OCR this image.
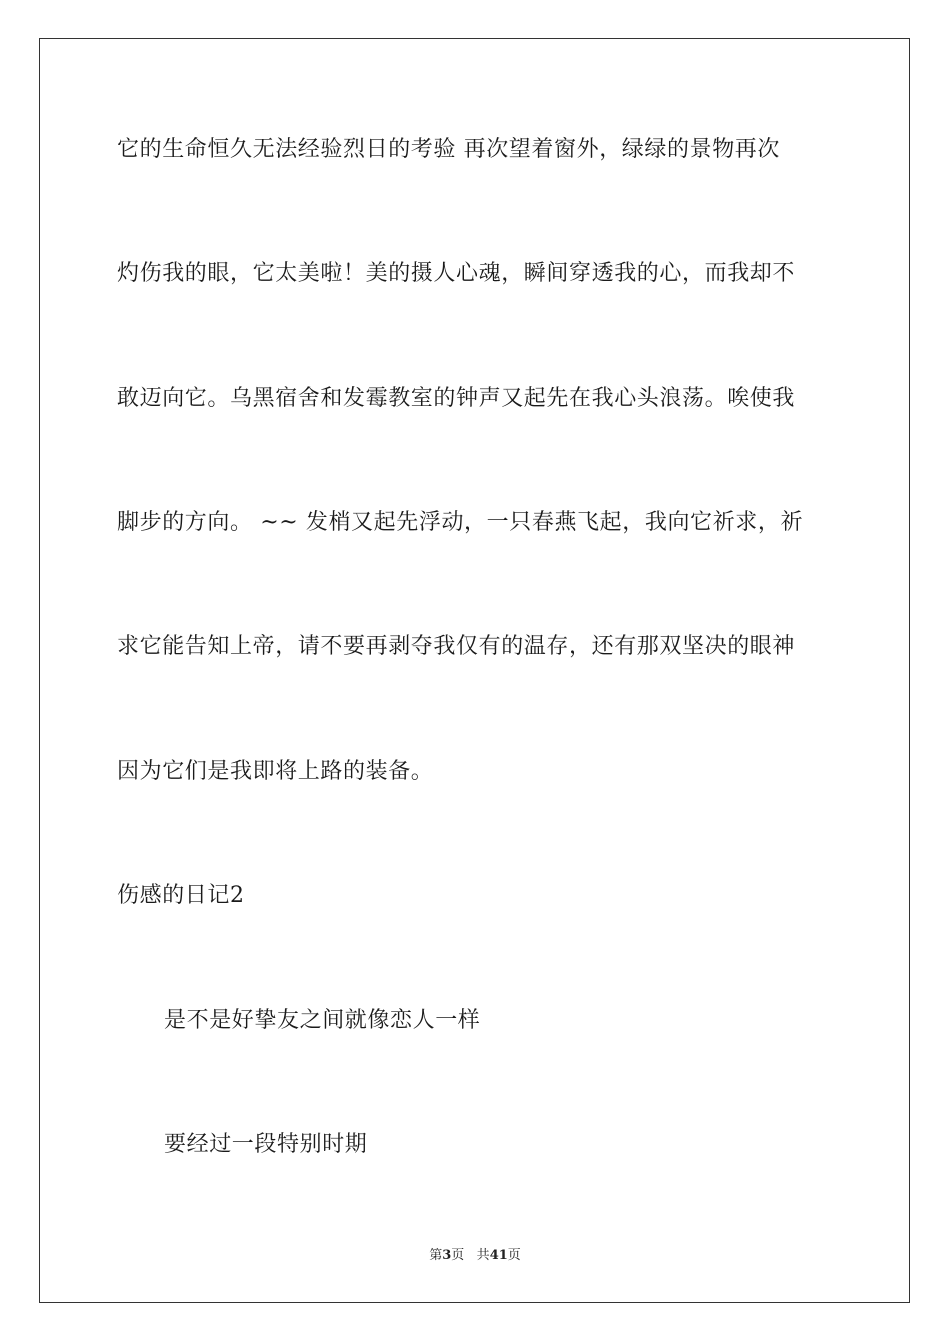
它的生命恒久无法经验烈日的考验 再次望着窗外，绿绿的景物再次
灼伤我的眼，它太美啦！美的摄人心魂，瞬间穿透我的心，而我却不
敢迈向它。乌黑宿舍和发霉教室的钟声又起先在我心头浪荡。唉使我
脚步的方向。 ~~ 发梢又起先浮动，一只春燕飞起，我向它祈求，祈
求它能告知上帝，请不要再剥夺我仅有的温存，还有那双坚决的眼神
因为它们是我即将上路的装备。
伤感的日记2
是不是好挚友之间就像恋人一样
要经过一段特别时期
第3页 共41页
